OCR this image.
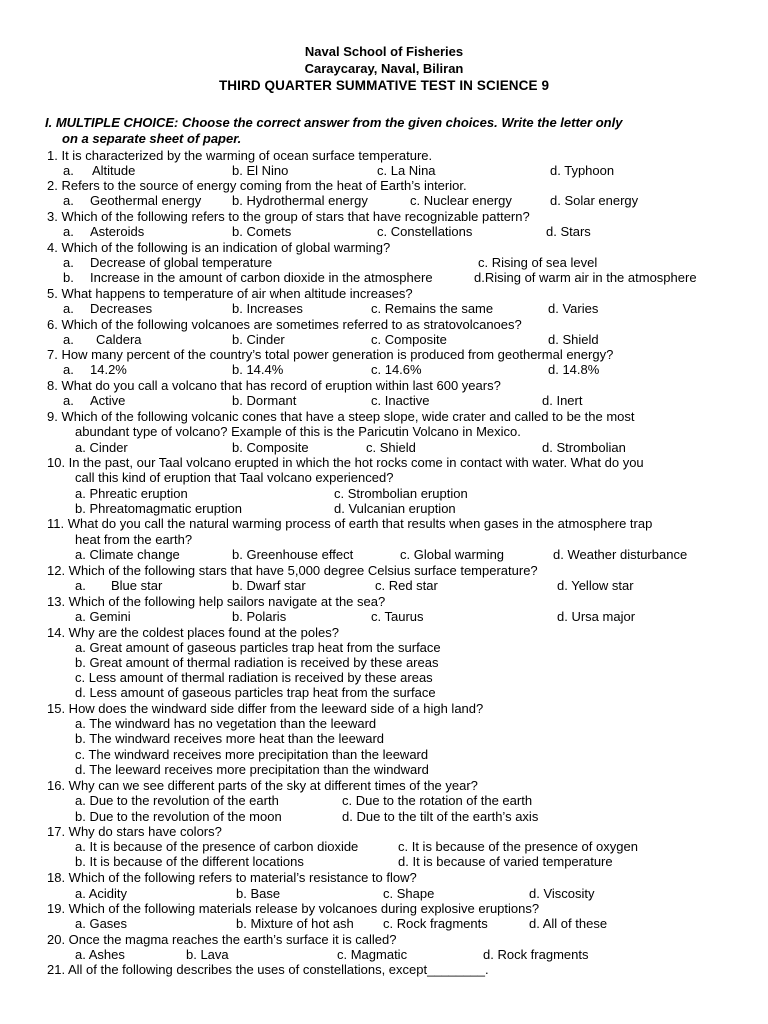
Naval School of Fisheries
Caraycaray, Naval, Biliran
THIRD QUARTER SUMMATIVE TEST IN SCIENCE 9
I. MULTIPLE CHOICE: Choose the correct answer from the given choices. Write the letter only
on a separate sheet of paper.
1. It is characterized by the warming of ocean surface temperature.
a. Altitude	b. El Nino	c. La Nina	d. Typhoon
2. Refers to the source of energy coming from the heat of Earth’s interior.
a. Geothermal energy b. Hydrothermal energy	c. Nuclear energy	d. Solar energy
3. Which of the following refers to the group of stars that have recognizable pattern?
a. Asteroids	b. Comets	c. Constellations	d. Stars
4. Which of the following is an indication of global warming?
a. Decrease of global temperature	c. Rising of sea level
b. Increase in the amount of carbon dioxide in the atmosphere	d.Rising of warm air in the atmosphere
5. What happens to temperature of air when altitude increases?
a. Decreases	b. Increases	c. Remains the same	d. Varies
6. Which of the following volcanoes are sometimes referred to as stratovolcanoes?
a. Caldera	b. Cinder	c. Composite	d. Shield
7. How many percent of the country’s total power generation is produced from geothermal energy?
a. 14.2%	b. 14.4%	c. 14.6%	d. 14.8%
8. What do you call a volcano that has record of eruption within last 600 years?
a. Active	b. Dormant	c. Inactive	d. Inert
9. Which of the following volcanic cones that have a steep slope, wide crater and called to be the most
abundant type of volcano? Example of this is the Paricutin Volcano in Mexico.
a. Cinder	b. Composite	c. Shield	d. Strombolian
10. In the past, our Taal volcano erupted in which the hot rocks come in contact with water. What do you
call this kind of eruption that Taal volcano experienced?
a. Phreatic eruption	c. Strombolian eruption
b. Phreatomagmatic eruption	d. Vulcanian eruption
11. What do you call the natural warming process of earth that results when gases in the atmosphere trap
heat from the earth?
a. Climate change	b. Greenhouse effect	c. Global warming	d. Weather disturbance
12. Which of the following stars that have 5,000 degree Celsius surface temperature?
a. Blue star	b. Dwarf star	c. Red star	d. Yellow star
13. Which of the following help sailors navigate at the sea?
a. Gemini	b. Polaris	c. Taurus	d. Ursa major
14. Why are the coldest places found at the poles?
a. Great amount of gaseous particles trap heat from the surface
b. Great amount of thermal radiation is received by these areas
c. Less amount of thermal radiation is received by these areas
d. Less amount of gaseous particles trap heat from the surface
15. How does the windward side differ from the leeward side of a high land?
a. The windward has no vegetation than the leeward
b. The windward receives more heat than the leeward
c. The windward receives more precipitation than the leeward
d. The leeward receives more precipitation than the windward
16. Why can we see different parts of the sky at different times of the year?
a. Due to the revolution of the earth	c. Due to the rotation of the earth
b. Due to the revolution of the moon	d. Due to the tilt of the earth’s axis
17. Why do stars have colors?
a. It is because of the presence of carbon dioxide	c. It is because of the presence of oxygen
b. It is because of the different locations	d. It is because of varied temperature
18. Which of the following refers to material’s resistance to flow?
a. Acidity	b. Base	c. Shape	d. Viscosity
19. Which of the following materials release by volcanoes during explosive eruptions?
a. Gases	b. Mixture of hot ash c. Rock fragments	d. All of these
20. Once the magma reaches the earth’s surface it is called?
a. Ashes	b. Lava	c. Magmatic	d. Rock fragments
21. All of the following describes the uses of constellations, except________.
